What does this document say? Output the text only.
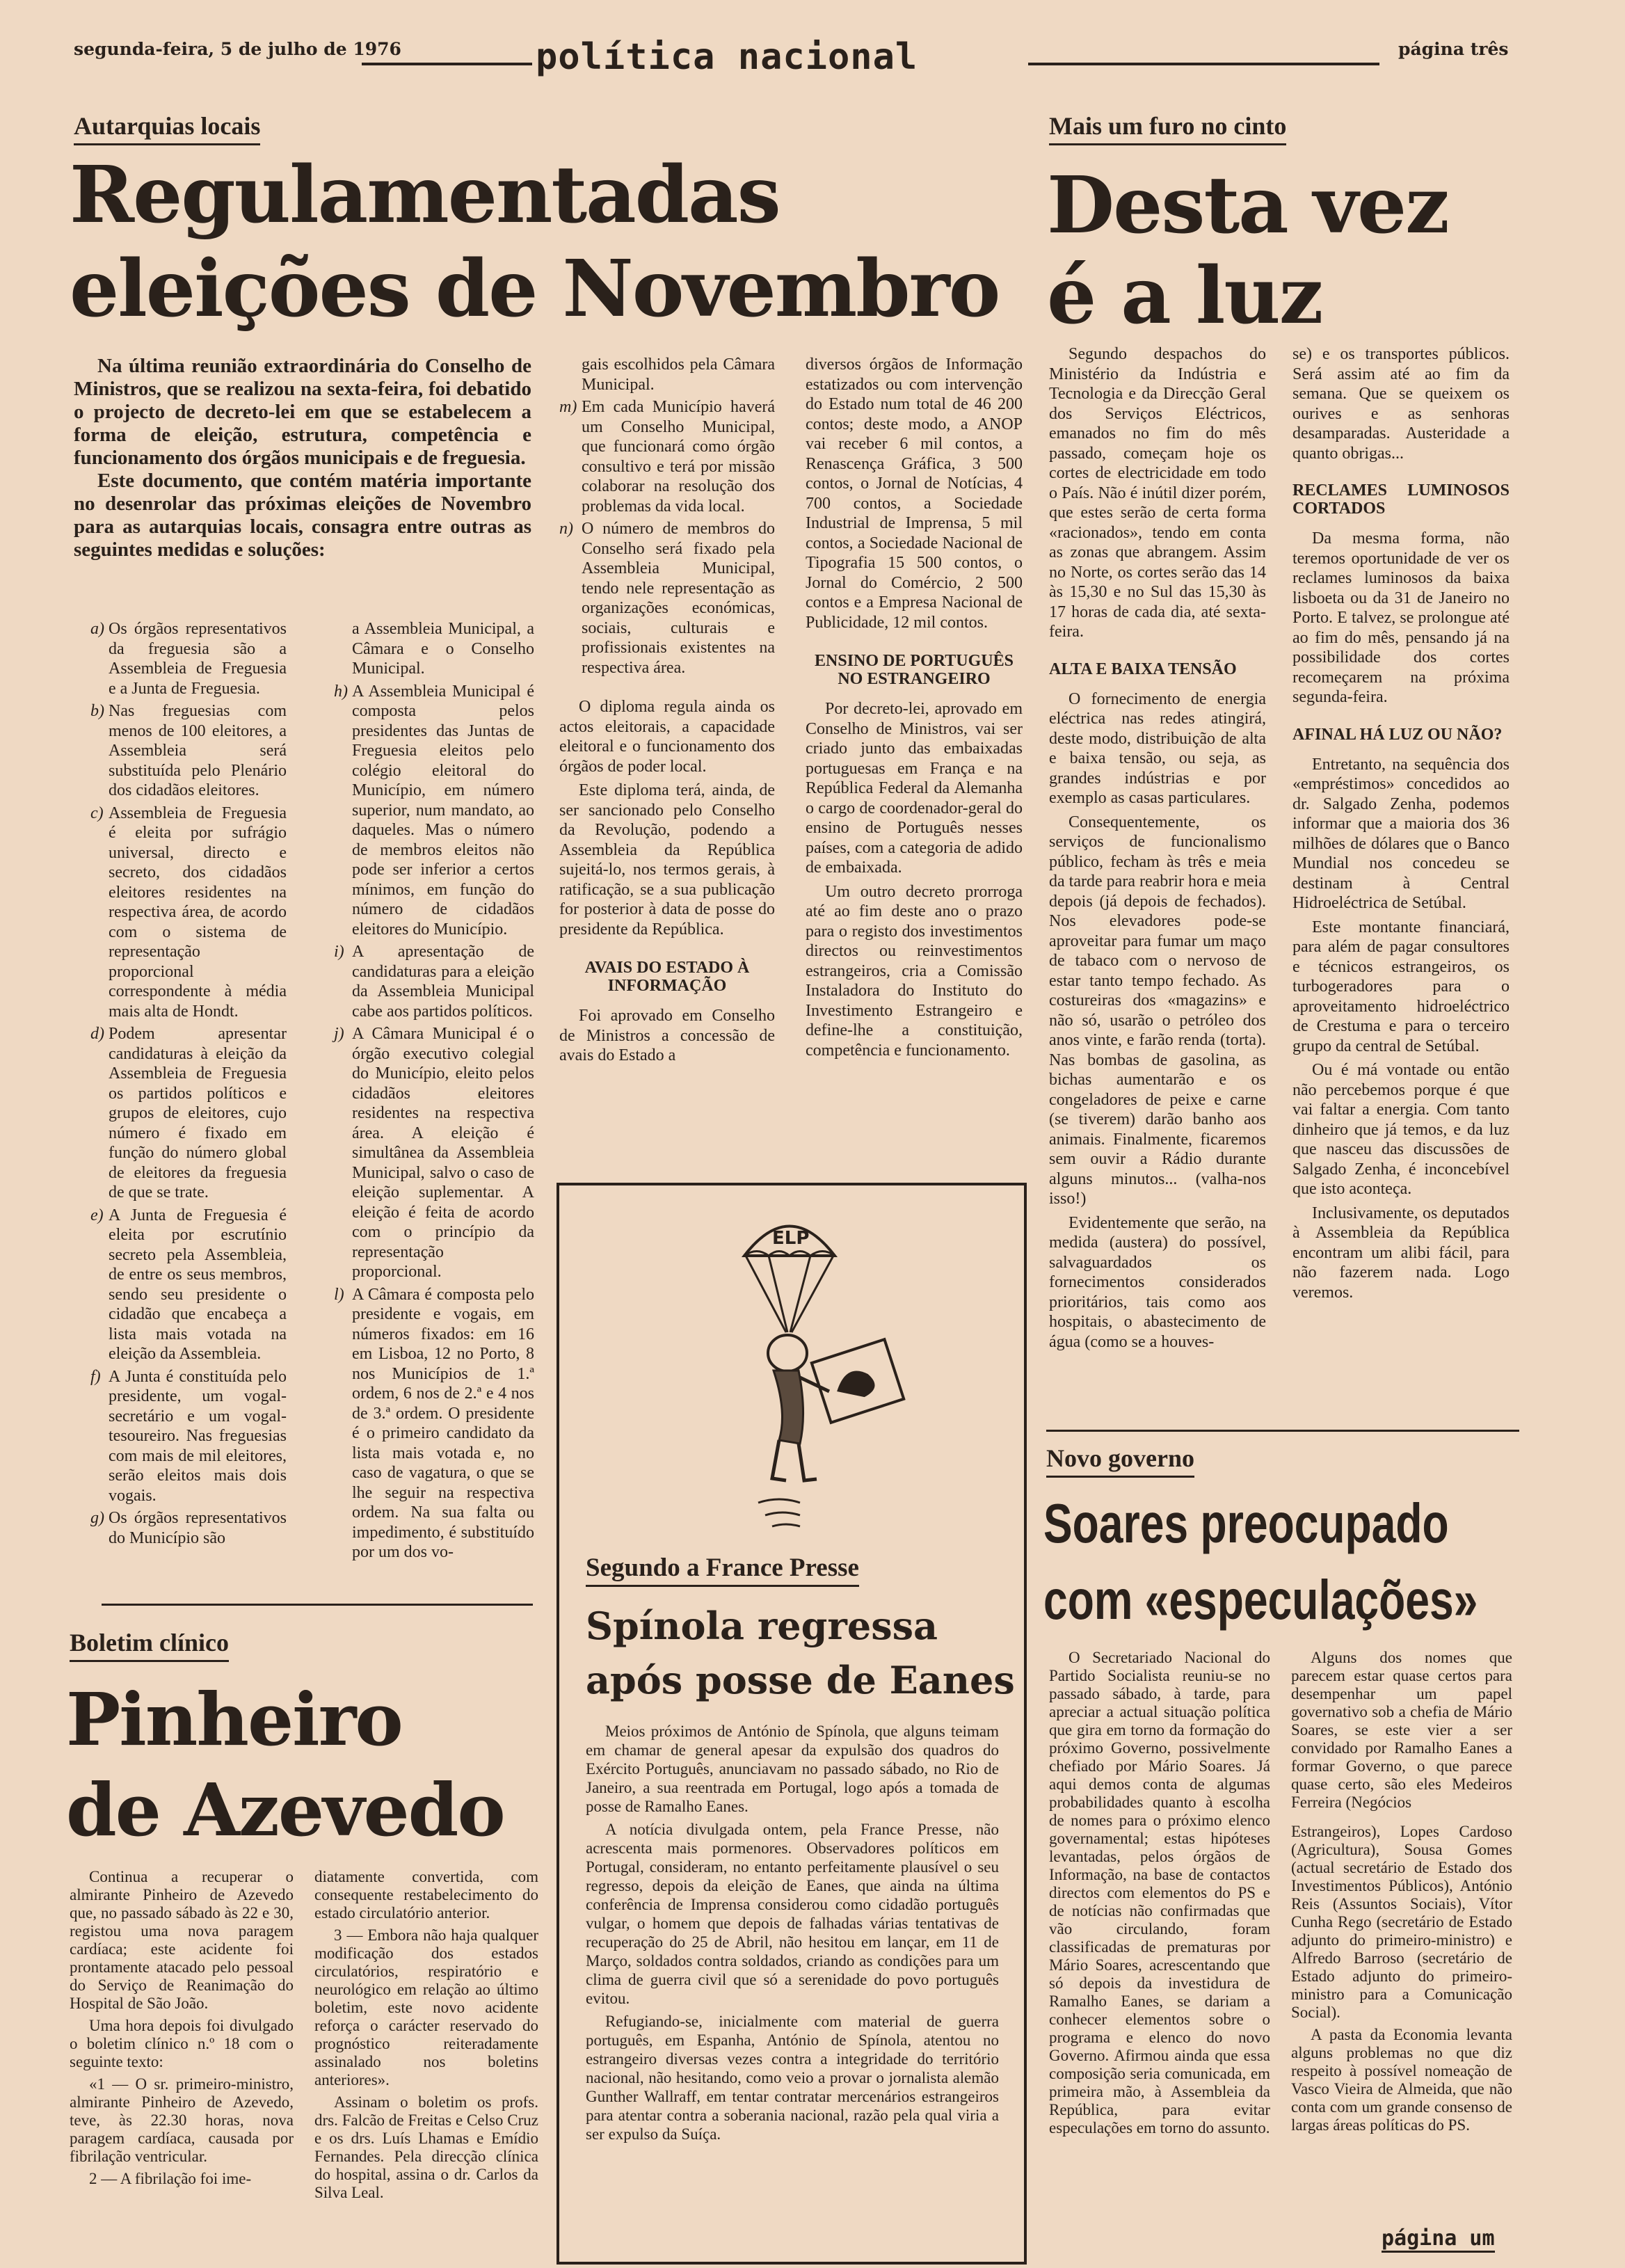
segunda-feira, 5 de julho de 1976	política nacional	página três
Autarquias locais
Regulamentadas
eleições de Novembro

Na última reunião extraordinária do Conselho de Ministros, que se realizou na sexta-feira, foi debatido o projecto de decreto-lei em que se estabelecem a forma de eleição, estrutura, competência e funcionamento dos órgãos municipais e de freguesia.

Este documento, que contém matéria importante no desenrolar das próximas eleições de Novembro para as autarquias locais, consagra entre outras as seguintes medidas e soluções:

a) Os órgãos representativos da freguesia são a Assembleia de Freguesia e a Junta de Freguesia.
b) Nas freguesias com menos de 100 eleitores, a Assembleia será substituída pelo Plenário dos cidadãos eleitores.
c) Assembleia de Freguesia é eleita por sufrágio universal, directo e secreto, dos cidadãos eleitores residentes na respectiva área, de acordo com o sistema de representação proporcional correspondente à média mais alta de Hondt.
d) Podem apresentar candidaturas à eleição da Assembleia de Freguesia os partidos políticos e grupos de eleitores, cujo número é fixado em função do número global de eleitores da freguesia de que se trate.
e) A Junta de Freguesia é eleita por escrutínio secreto pela Assembleia, de entre os seus membros, sendo seu presidente o cidadão que encabeça a lista mais votada na eleição da Assembleia.
f) A Junta é constituída pelo presidente, um vogal-secretário e um vogal-tesoureiro. Nas freguesias com mais de mil eleitores, serão eleitos mais dois vogais.
g) Os órgãos representativos do Município são
a Assembleia Municipal, a Câmara e o Conselho Municipal.
h) A Assembleia Municipal é composta pelos presidentes das Juntas de Freguesia eleitos pelo colégio eleitoral do Município, em número superior, num mandato, ao daqueles. Mas o número de membros eleitos não pode ser inferior a certos mínimos, em função do número de cidadãos eleitores do Município.
i) A apresentação de candidaturas para a eleição da Assembleia Municipal cabe aos partidos políticos.
j) A Câmara Municipal é o órgão executivo colegial do Município, eleito pelos cidadãos eleitores residentes na respectiva área. A eleição é simultânea da Assembleia Municipal, salvo o caso de eleição suplementar. A eleição é feita de acordo com o princípio da representação proporcional.
l) A Câmara é composta pelo presidente e vogais, em números fixados: em 16 em Lisboa, 12 no Porto, 8 nos Municípios de 1.ª ordem, 6 nos de 2.ª e 4 nos de 3.ª ordem. O presidente é o primeiro candidato da lista mais votada e, no caso de vagatura, o que se lhe seguir na respectiva ordem. Na sua falta ou impedimento, é substituído por um dos vo-
gais escolhidos pela Câmara Municipal.
m) Em cada Município haverá um Conselho Municipal, que funcionará como órgão consultivo e terá por missão colaborar na resolução dos problemas da vida local.
n) O número de membros do Conselho será fixado pela Assembleia Municipal, tendo nele representação as organizações económicas, sociais, culturais e profissionais existentes na respectiva área.

O diploma regula ainda os actos eleitorais, a capacidade eleitoral e o funcionamento dos órgãos de poder local.

Este diploma terá, ainda, de ser sancionado pelo Conselho da Revolução, podendo a Assembleia da República sujeitá-lo, nos termos gerais, à ratificação, se a sua publicação for posterior à data de posse do presidente da República.

AVAIS DO ESTADO À INFORMAÇÃO

Foi aprovado em Conselho de Ministros a concessão de avais do Estado a

diversos órgãos de Informação estatizados ou com intervenção do Estado num total de 46 200 contos; deste modo, a ANOP vai receber 6 mil contos, a Renascença Gráfica, 3 500 contos, o Jornal de Notícias, 4 700 contos, a Sociedade Industrial de Imprensa, 5 mil contos, a Sociedade Nacional de Tipografia 15 500 contos, o Jornal do Comércio, 2 500 contos e a Empresa Nacional de Publicidade, 12 mil contos.

ENSINO DE PORTUGUÊS NO ESTRANGEIRO

Por decreto-lei, aprovado em Conselho de Ministros, vai ser criado junto das embaixadas portuguesas em França e na República Federal da Alemanha o cargo de coordenador-geral do ensino de Português nesses países, com a categoria de adido de embaixada.

Um outro decreto prorroga até ao fim deste ano o prazo para o registo dos investimentos directos ou reinvestimentos estrangeiros, cria a Comissão Instaladora do Instituto do Investimento Estrangeiro e define-lhe a constituição, competência e funcionamento.

ELP
Segundo a France Presse
Spínola regressa
após posse de Eanes

Meios próximos de António de Spínola, que alguns teimam em chamar de general apesar da expulsão dos quadros do Exército Português, anunciavam no passado sábado, no Rio de Janeiro, a sua reentrada em Portugal, logo após a tomada de posse de Ramalho Eanes.

A notícia divulgada ontem, pela France Presse, não acrescenta mais pormenores. Observadores políticos em Portugal, consideram, no entanto perfeitamente plausível o seu regresso, depois da eleição de Eanes, que ainda na última conferência de Imprensa considerou como cidadão português vulgar, o homem que depois de falhadas várias tentativas de recuperação do 25 de Abril, não hesitou em lançar, em 11 de Março, soldados contra soldados, criando as condições para um clima de guerra civil que só a serenidade do povo português evitou.

Refugiando-se, inicialmente com material de guerra português, em Espanha, António de Spínola, atentou no estrangeiro diversas vezes contra a integridade do território nacional, não hesitando, como veio a provar o jornalista alemão Gunther Wallraff, em tentar contratar mercenários estrangeiros para atentar contra a soberania nacional, razão pela qual viria a ser expulso da Suíça.

Mais um furo no cinto
Desta vez
é a luz

Segundo despachos do Ministério da Indústria e Tecnologia e da Direcção Geral dos Serviços Eléctricos, emanados no fim do mês passado, começam hoje os cortes de electricidade em todo o País. Não é inútil dizer porém, que estes serão de certa forma «racionados», tendo em conta as zonas que abrangem. Assim no Norte, os cortes serão das 14 às 15,30 e no Sul das 15,30 às 17 horas de cada dia, até sexta-feira.

ALTA E BAIXA TENSÃO

O fornecimento de energia eléctrica nas redes atingirá, deste modo, distribuição de alta e baixa tensão, ou seja, as grandes indústrias e por exemplo as casas particulares.

Consequentemente, os serviços de funcionalismo público, fecham às três e meia da tarde para reabrir hora e meia depois (já depois de fechados). Nos elevadores pode-se aproveitar para fumar um maço de tabaco com o nervoso de estar tanto tempo fechado. As costureiras dos «magazins» e não só, usarão o petróleo dos anos vinte, e farão renda (torta). Nas bombas de gasolina, as bichas aumentarão e os congeladores de peixe e carne (se tiverem) darão banho aos animais. Finalmente, ficaremos sem ouvir a Rádio durante alguns minutos... (valha-nos isso!)

Evidentemente que serão, na medida (austera) do possível, salvaguardados os fornecimentos considerados prioritários, tais como aos hospitais, o abastecimento de água (como se a houves-

se) e os transportes públicos. Será assim até ao fim da semana. Que se queixem os ourives e as senhoras desamparadas. Austeridade a quanto obrigas...

RECLAMES LUMINOSOS CORTADOS

Da mesma forma, não teremos oportunidade de ver os reclames luminosos da baixa lisboeta ou da 31 de Janeiro no Porto. E talvez, se prolongue até ao fim do mês, pensando já na possibilidade dos cortes recomeçarem na próxima segunda-feira.

AFINAL HÁ LUZ OU NÃO?

Entretanto, na sequência dos «empréstimos» concedidos ao dr. Salgado Zenha, podemos informar que a maioria dos 36 milhões de dólares que o Banco Mundial nos concedeu se destinam à Central Hidroeléctrica de Setúbal.

Este montante financiará, para além de pagar consultores e técnicos estrangeiros, os turbogeradores para o aproveitamento hidroeléctrico de Crestuma e para o terceiro grupo da central de Setúbal.

Ou é má vontade ou então não percebemos porque é que vai faltar a energia. Com tanto dinheiro que já temos, e da luz que nasceu das discussões de Salgado Zenha, é inconcebível que isto aconteça.

Inclusivamente, os deputados à Assembleia da República encontram um alibi fácil, para não fazerem nada. Logo veremos.

Boletim clínico
Pinheiro
de Azevedo

Continua a recuperar o almirante Pinheiro de Azevedo que, no passado sábado às 22 e 30, registou uma nova paragem cardíaca; este acidente foi prontamente atacado pelo pessoal do Serviço de Reanimação do Hospital de São João.

Uma hora depois foi divulgado o boletim clínico n.º 18 com o seguinte texto:

«1 — O sr. primeiro-ministro, almirante Pinheiro de Azevedo, teve, às 22.30 horas, nova paragem cardíaca, causada por fibrilação ventricular.

2 — A fibrilação foi ime-

diatamente convertida, com consequente restabelecimento do estado circulatório anterior.

3 — Embora não haja qualquer modificação dos estados circulatórios, respiratório e neurológico em relação ao último boletim, este novo acidente reforça o carácter reservado do prognóstico reiteradamente assinalado nos boletins anteriores».

Assinam o boletim os profs. drs. Falcão de Freitas e Celso Cruz e os drs. Luís Lhamas e Emídio Fernandes. Pela direcção clínica do hospital, assina o dr. Carlos da Silva Leal.

Novo governo
Soares preocupado
com «especulações»

O Secretariado Nacional do Partido Socialista reuniu-se no passado sábado, à tarde, para apreciar a actual situação política que gira em torno da formação do próximo Governo, possivelmente chefiado por Mário Soares. Já aqui demos conta de algumas probabilidades quanto à escolha de nomes para o próximo elenco governamental; estas hipóteses levantadas, pelos órgãos de Informação, na base de contactos directos com elementos do PS e de notícias não confirmadas que vão circulando, foram classificadas de prematuras por Mário Soares, acrescentando que só depois da investidura de Ramalho Eanes, se dariam a conhecer elementos sobre o programa e elenco do novo Governo. Afirmou ainda que essa composição seria comunicada, em primeira mão, à Assembleia da República, para evitar especulações em torno do assunto.

Alguns dos nomes que parecem estar quase certos para desempenhar um papel governativo sob a chefia de Mário Soares, se este vier a ser convidado por Ramalho Eanes a formar Governo, o que parece quase certo, são eles Medeiros Ferreira (Negócios

Estrangeiros), Lopes Cardoso (Agricultura), Sousa Gomes (actual secretário de Estado dos Investimentos Públicos), António Reis (Assuntos Sociais), Vítor Cunha Rego (secretário de Estado adjunto do primeiro-ministro) e Alfredo Barroso (secretário de Estado adjunto do primeiro-ministro para a Comunicação Social).

A pasta da Economia levanta alguns problemas no que diz respeito à possível nomeação de Vasco Vieira de Almeida, que não conta com um grande consenso de largas áreas políticas do PS.

página um
